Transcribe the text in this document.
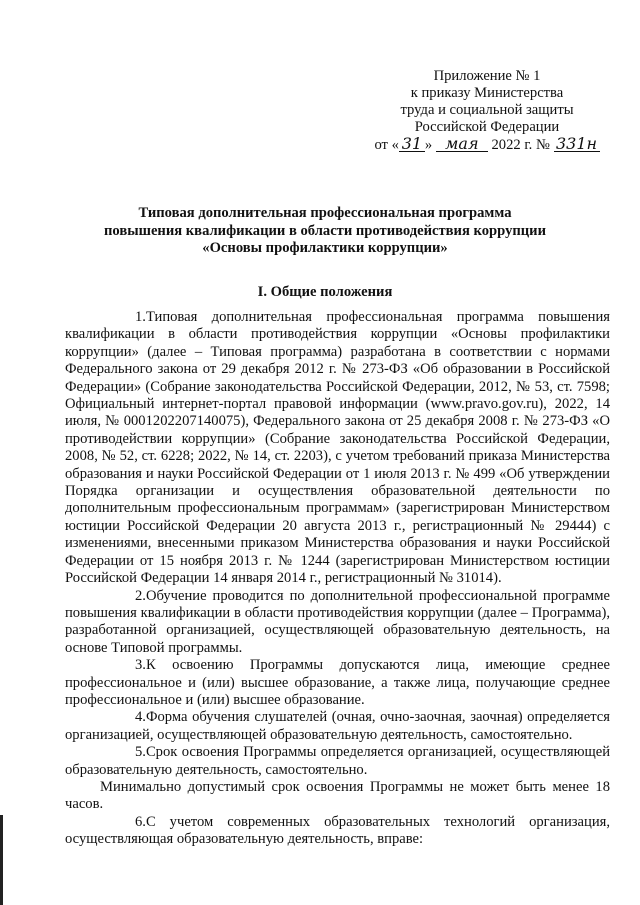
Приложение № 1
к приказу Министерства
труда и социальной защиты
Российской Федерации
от « 31 » мая 2022 г. № 331н
Типовая дополнительная профессиональная программа
повышения квалификации в области противодействия коррупции
«Основы профилактики коррупции»
I. Общие положения

1.Типовая дополнительная профессиональная программа повышения квалификации в области противодействия коррупции «Основы профилактики коррупции» (далее – Типовая программа) разработана в соответствии с нормами Федерального закона от 29 декабря 2012 г. № 273-ФЗ «Об образовании в Российской Федерации» (Собрание законодательства Российской Федерации, 2012, № 53, ст. 7598; Официальный интернет-портал правовой информации (www.pravo.gov.ru), 2022, 14 июля, № 0001202207140075), Федерального закона от 25 декабря 2008 г. № 273-ФЗ «О противодействии коррупции» (Собрание законодательства Российской Федерации, 2008, № 52, ст. 6228; 2022, № 14, ст. 2203), с учетом требований приказа Министерства образования и науки Российской Федерации от 1 июля 2013 г. № 499 «Об утверждении Порядка организации и осуществления образовательной деятельности по дополнительным профессиональным программам» (зарегистрирован Министерством юстиции Российской Федерации 20 августа 2013 г., регистрационный № 29444) с изменениями, внесенными приказом Министерства образования и науки Российской Федерации от 15 ноября 2013 г. № 1244 (зарегистрирован Министерством юстиции Российской Федерации 14 января 2014 г., регистрационный № 31014).

2.Обучение проводится по дополнительной профессиональной программе повышения квалификации в области противодействия коррупции (далее – Программа), разработанной организацией, осуществляющей образовательную деятельность, на основе Типовой программы.

3.К освоению Программы допускаются лица, имеющие среднее профессиональное и (или) высшее образование, а также лица, получающие среднее профессиональное и (или) высшее образование.

4.Форма обучения слушателей (очная, очно-заочная, заочная) определяется организацией, осуществляющей образовательную деятельность, самостоятельно.

5.Срок освоения Программы определяется организацией, осуществляющей образовательную деятельность, самостоятельно.

Минимально допустимый срок освоения Программы не может быть менее 18 часов.

6.С учетом современных образовательных технологий организация, осуществляющая образовательную деятельность, вправе:
